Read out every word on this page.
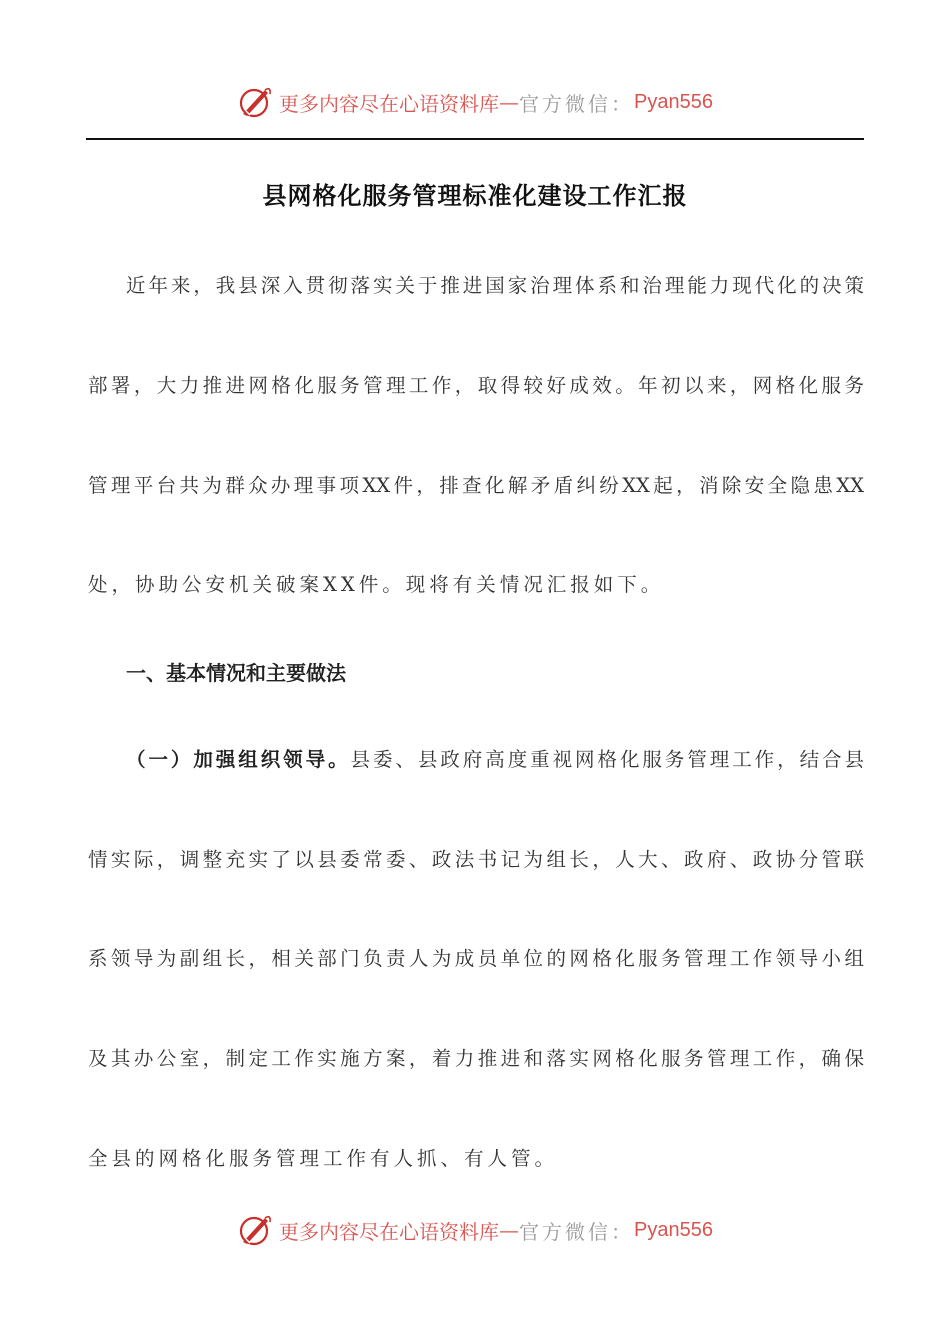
更多内容尽在心语资料库 — 官方微信： Pyan556
县网格化服务管理标准化建设工作汇报
近年来，我县深入贯彻落实关于推进国家治理体系和治理能力现代化的决策
部署，大力推进网格化服务管理工作，取得较好成效。年初以来，网格化服务
管理平台共为群众办理事项XX件，排查化解矛盾纠纷XX起，消除安全隐患XX
处，协助公安机关破案XX件。现将有关情况汇报如下。
一、基本情况和主要做法
（一）加强组织领导。县委、县政府高度重视网格化服务管理工作，结合县
情实际，调整充实了以县委常委、政法书记为组长，人大、政府、政协分管联
系领导为副组长，相关部门负责人为成员单位的网格化服务管理工作领导小组
及其办公室，制定工作实施方案，着力推进和落实网格化服务管理工作，确保
全县的网格化服务管理工作有人抓、有人管。
更多内容尽在心语资料库 — 官方微信： Pyan556
